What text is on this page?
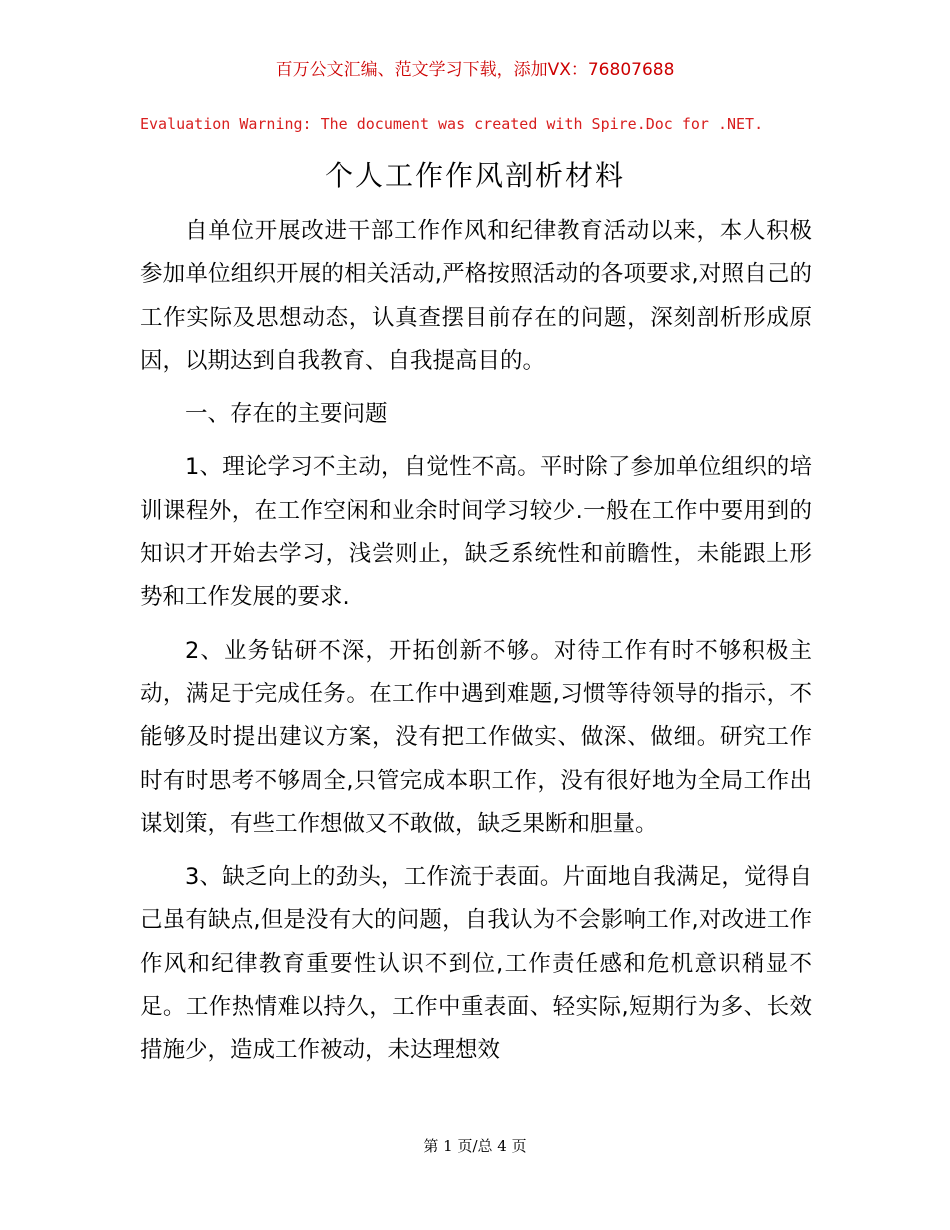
百万公文汇编、范文学习下载，添加VX：76807688
Evaluation Warning: The document was created with Spire.Doc for .NET.
个人工作作风剖析材料

自单位开展改进干部工作作风和纪律教育活动以来，本人积极参加单位组织开展的相关活动,严格按照活动的各项要求,对照自己的工作实际及思想动态，认真查摆目前存在的问题，深刻剖析形成原因，以期达到自我教育、自我提高目的。

一、存在的主要问题

1、理论学习不主动，自觉性不高。平时除了参加单位组织的培训课程外，在工作空闲和业余时间学习较少.一般在工作中要用到的知识才开始去学习，浅尝则止，缺乏系统性和前瞻性，未能跟上形势和工作发展的要求.

2、业务钻研不深，开拓创新不够。对待工作有时不够积极主动，满足于完成任务。在工作中遇到难题,习惯等待领导的指示，不能够及时提出建议方案，没有把工作做实、做深、做细。研究工作时有时思考不够周全,只管完成本职工作，没有很好地为全局工作出谋划策，有些工作想做又不敢做，缺乏果断和胆量。

3、缺乏向上的劲头，工作流于表面。片面地自我满足，觉得自己虽有缺点,但是没有大的问题，自我认为不会影响工作,对改进工作作风和纪律教育重要性认识不到位,工作责任感和危机意识稍显不足。工作热情难以持久，工作中重表面、轻实际,短期行为多、长效措施少，造成工作被动，未达理想效

第 1 页/总 4 页
